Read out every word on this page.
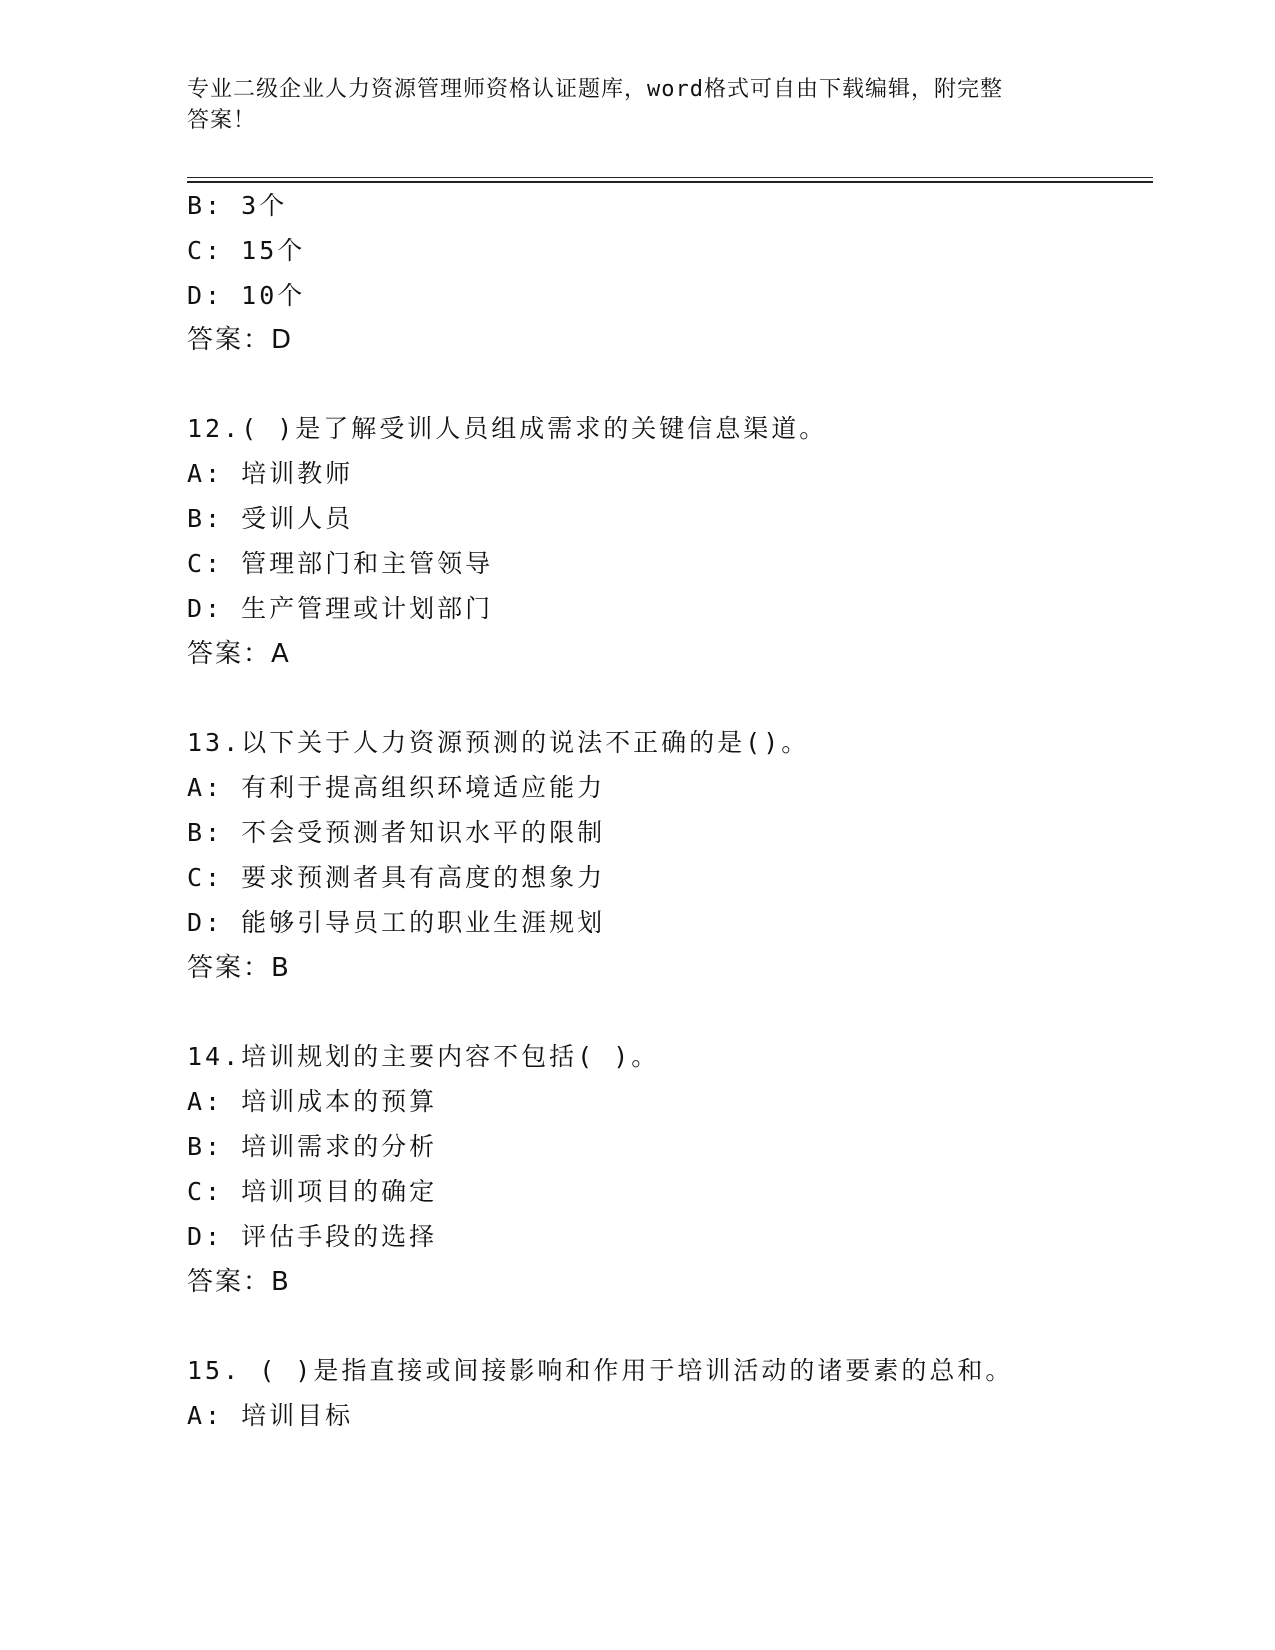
专业二级企业人力资源管理师资格认证题库，word格式可自由下载编辑，附完整
答案！
B: 3个
C: 15个
D: 10个
答案：D
12.( )是了解受训人员组成需求的关键信息渠道。
A: 培训教师
B: 受训人员
C: 管理部门和主管领导
D: 生产管理或计划部门
答案：A
13.以下关于人力资源预测的说法不正确的是()。
A: 有利于提高组织环境适应能力
B: 不会受预测者知识水平的限制
C: 要求预测者具有高度的想象力
D: 能够引导员工的职业生涯规划
答案：B
14.培训规划的主要内容不包括( )。
A: 培训成本的预算
B: 培训需求的分析
C: 培训项目的确定
D: 评估手段的选择
答案：B
15. ( )是指直接或间接影响和作用于培训活动的诸要素的总和。
A: 培训目标
